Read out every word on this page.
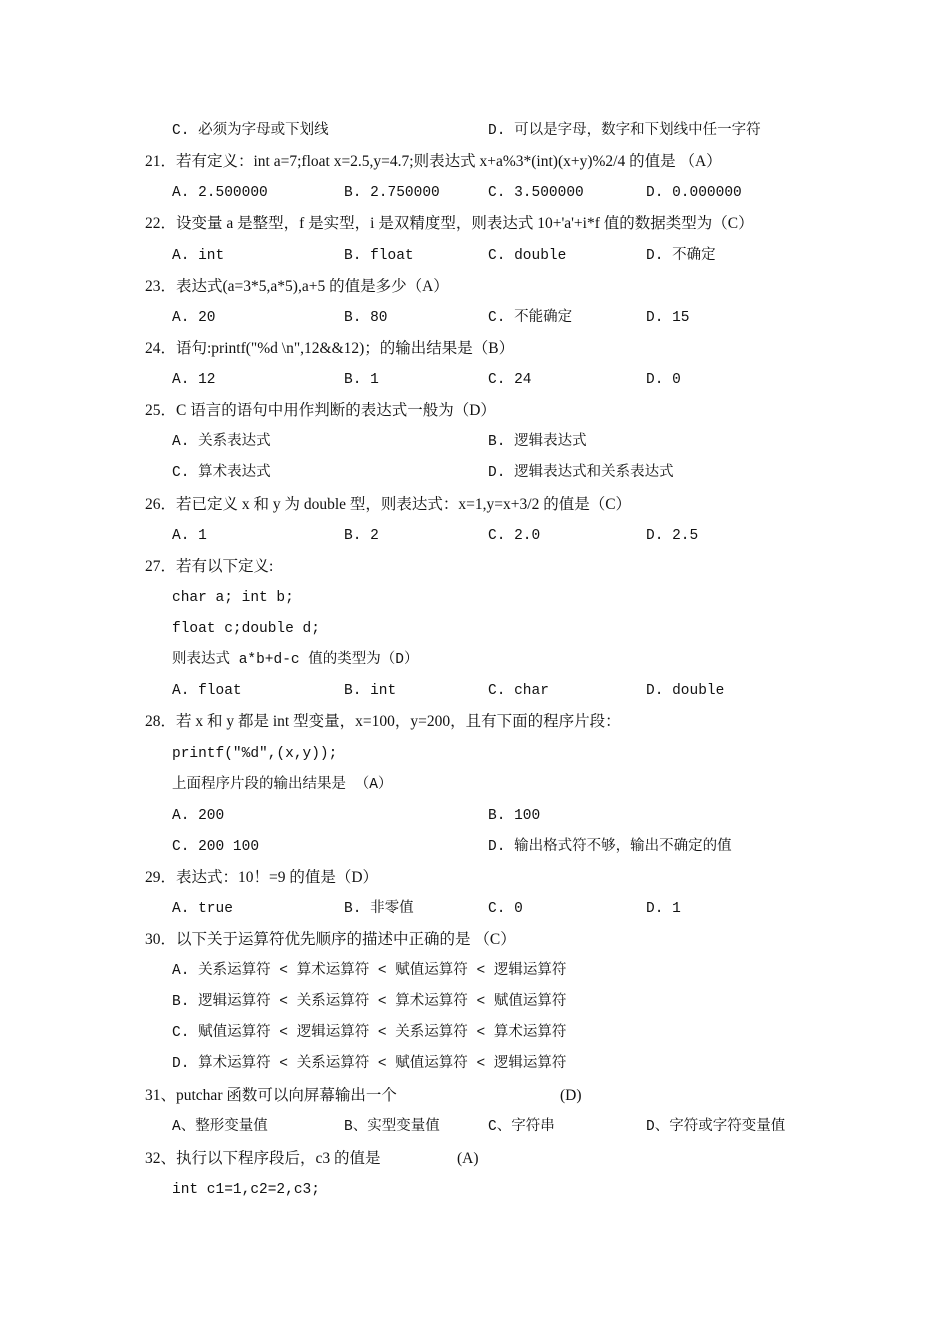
C. 必须为字母或下划线	D. 可以是字母，数字和下划线中任一字符
21．若有定义：int a=7;float x=2.5,y=4.7;则表达式 x+a%3*(int)(x+y)%2/4 的值是 （A）
A. 2.500000	B. 2.750000	C. 3.500000	D. 0.000000
22．设变量 a 是整型，f 是实型，i 是双精度型，则表达式 10+'a'+i*f 值的数据类型为（C）
A. int	B. float	C. double	D. 不确定
23．表达式(a=3*5,a*5),a+5 的值是多少（A）
A. 20	B. 80	C. 不能确定	D. 15
24．语句:printf("%d \n",12&&12)；的输出结果是（B）
A. 12	B. 1	C. 24	D. 0
25．C 语言的语句中用作判断的表达式一般为（D）
A. 关系表达式	B. 逻辑表达式
C. 算术表达式	D. 逻辑表达式和关系表达式
26．若已定义 x 和 y 为 double 型，则表达式：x=1,y=x+3/2 的值是（C）
A. 1	B. 2	C. 2.0	D. 2.5
27．若有以下定义:
char a; int b;
float c;double d;
则表达式 a*b+d-c 值的类型为（D）
A. float	B. int	C. char	D. double
28．若 x 和 y 都是 int 型变量，x=100，y=200，且有下面的程序片段：
printf("%d",(x,y));
上面程序片段的输出结果是 （A）
A. 200	B. 100
C. 200 100	D. 输出格式符不够，输出不确定的值
29．表达式：10！=9 的值是（D）
A. true	B. 非零值	C. 0	D. 1
30．以下关于运算符优先顺序的描述中正确的是 （C）
A. 关系运算符 < 算术运算符 < 赋值运算符 < 逻辑运算符
B. 逻辑运算符 < 关系运算符 < 算术运算符 < 赋值运算符
C. 赋值运算符 < 逻辑运算符 < 关系运算符 < 算术运算符
D. 算术运算符 < 关系运算符 < 赋值运算符 < 逻辑运算符
31、putchar 函数可以向屏幕输出一个	(D)
A、整形变量值	B、实型变量值	C、字符串	D、字符或字符变量值
32、执行以下程序段后，c3 的值是	(A)
int c1=1,c2=2,c3;
